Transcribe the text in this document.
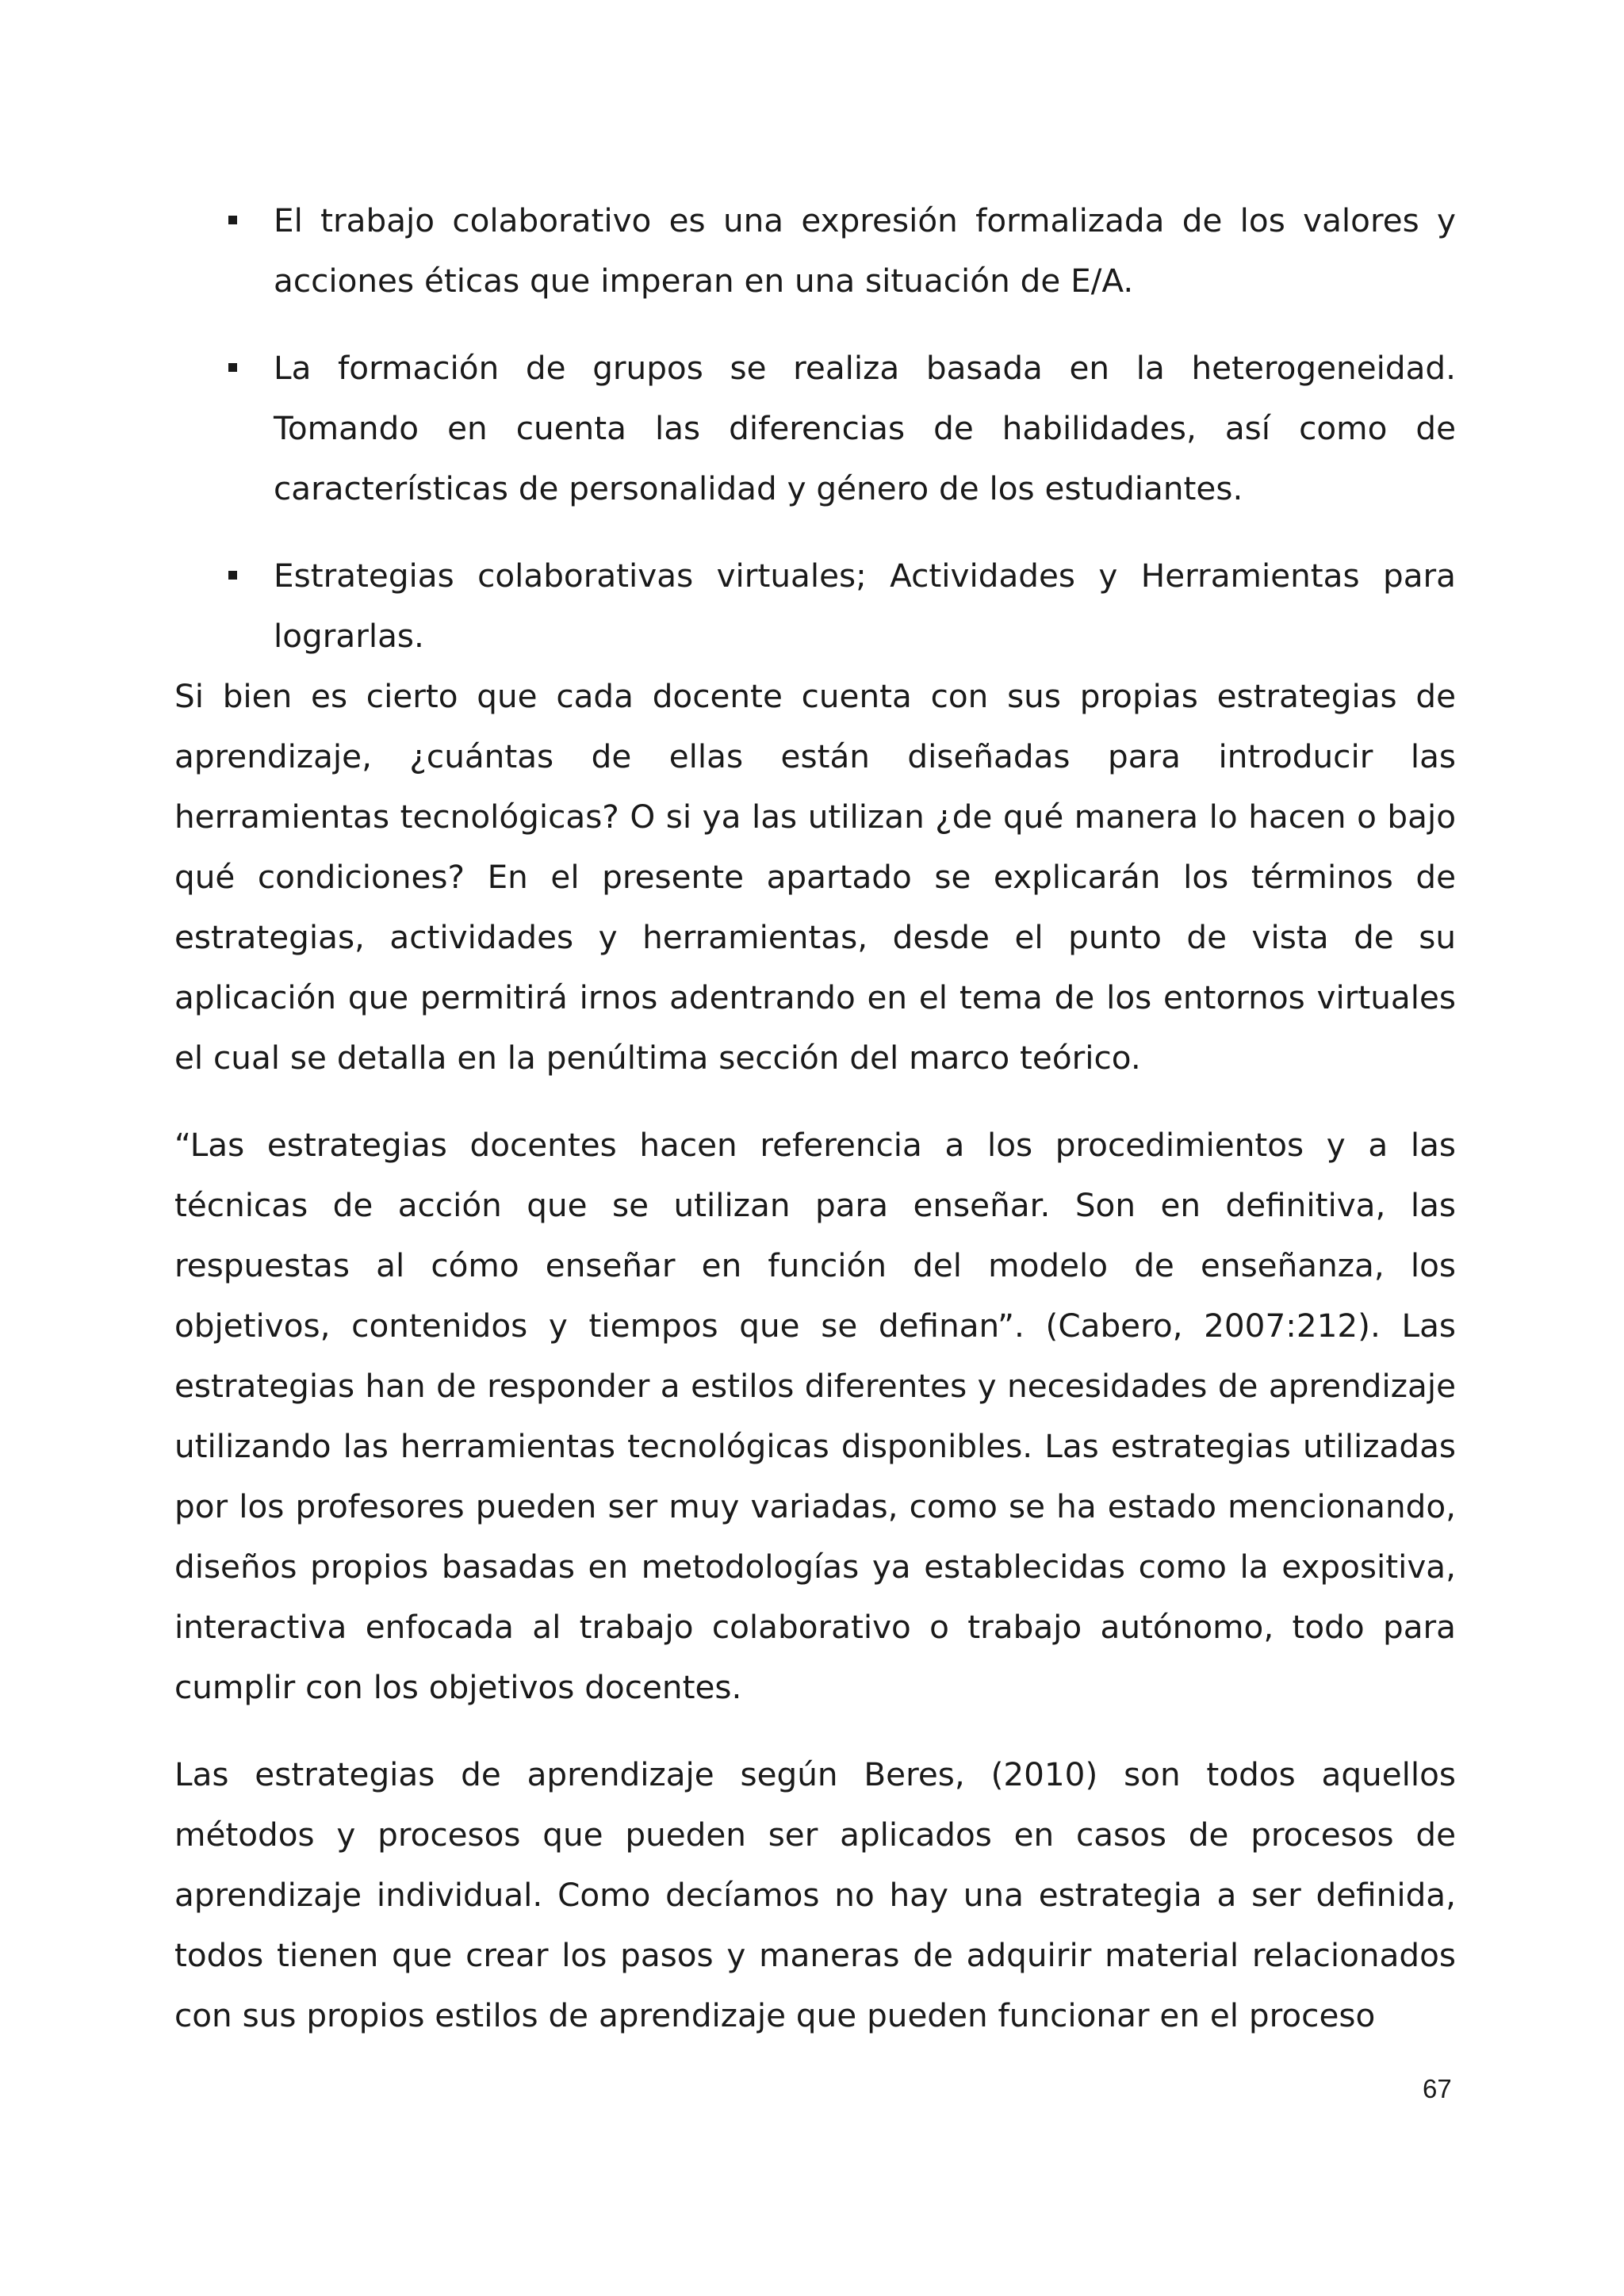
El trabajo colaborativo es una expresión formalizada de los valores y acciones éticas que imperan en una situación de E/A.

La formación de grupos se realiza basada en la heterogeneidad. Tomando en cuenta las diferencias de habilidades, así como de características de personalidad y género de los estudiantes.

Estrategias colaborativas virtuales; Actividades y Herramientas para lograrlas.

Si bien es cierto que cada docente cuenta con sus propias estrategias de aprendizaje, ¿cuántas de ellas están diseñadas para introducir las herramientas tecnológicas? O si ya las utilizan ¿de qué manera lo hacen o bajo qué condiciones? En el presente apartado se explicarán los términos de estrategias, actividades y herramientas, desde el punto de vista de su aplicación que permitirá irnos adentrando en el tema de los entornos virtuales el cual se detalla en la penúltima sección del marco teórico.

“Las estrategias docentes hacen referencia a los procedimientos y a las técnicas de acción que se utilizan para enseñar. Son en definitiva, las respuestas al cómo enseñar en función del modelo de enseñanza, los objetivos, contenidos y tiempos que se definan”. (Cabero, 2007:212). Las estrategias han de responder a estilos diferentes y necesidades de aprendizaje utilizando las herramientas tecnológicas disponibles. Las estrategias utilizadas por los profesores pueden ser muy variadas, como se ha estado mencionando, diseños propios basadas en metodologías ya establecidas como la expositiva, interactiva enfocada al trabajo colaborativo o trabajo autónomo, todo para cumplir con los objetivos docentes.

Las estrategias de aprendizaje según Beres, (2010) son todos aquellos métodos y procesos que pueden ser aplicados en casos de procesos de aprendizaje individual. Como decíamos no hay una estrategia a ser definida, todos tienen que crear los pasos y maneras de adquirir material relacionados con sus propios estilos de aprendizaje que pueden funcionar en el proceso

67
